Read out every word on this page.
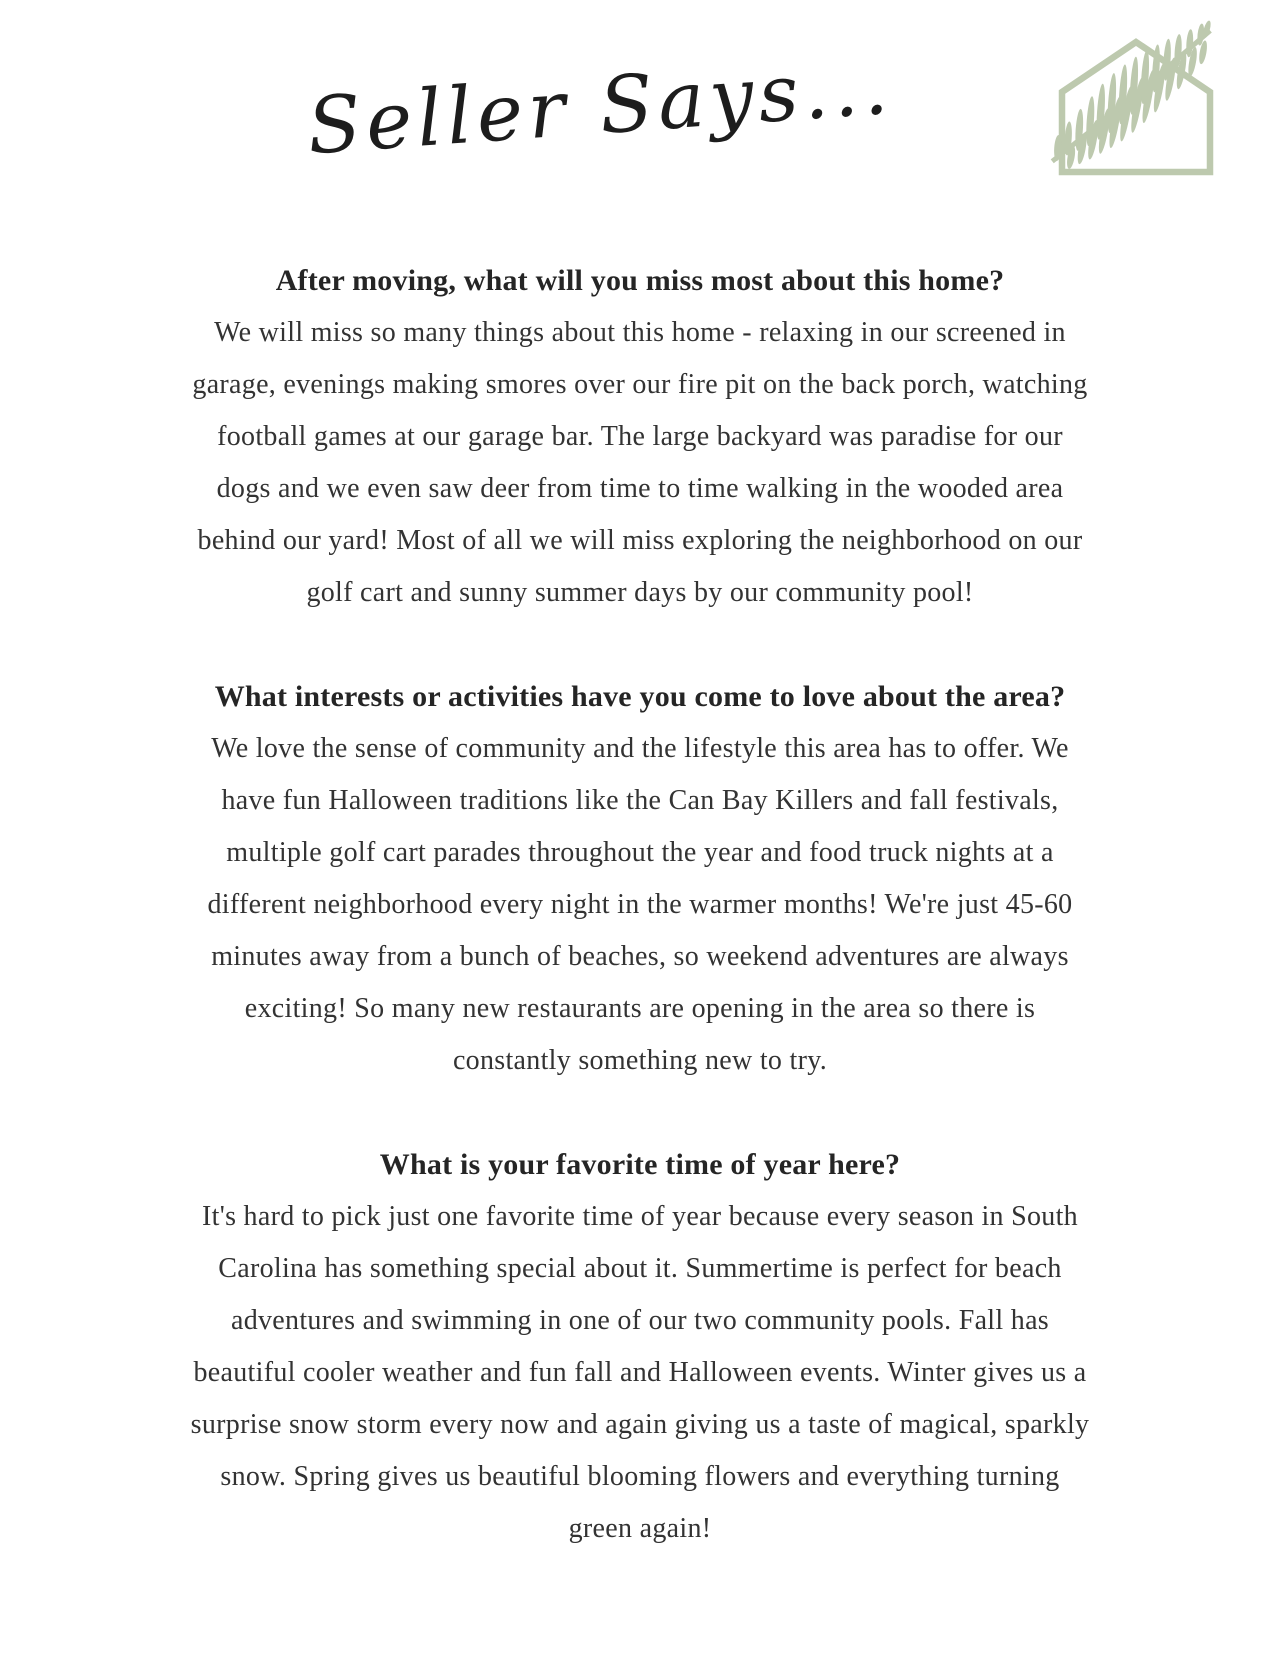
Seller Says...
After moving, what will you miss most about this home?
We will miss so many things about this home - relaxing in our screened in
garage, evenings making smores over our fire pit on the back porch, watching
football games at our garage bar. The large backyard was paradise for our
dogs and we even saw deer from time to time walking in the wooded area
behind our yard! Most of all we will miss exploring the neighborhood on our
golf cart and sunny summer days by our community pool!
What interests or activities have you come to love about the area?
We love the sense of community and the lifestyle this area has to offer. We
have fun Halloween traditions like the Can Bay Killers and fall festivals,
multiple golf cart parades throughout the year and food truck nights at a
different neighborhood every night in the warmer months! We're just 45-60
minutes away from a bunch of beaches, so weekend adventures are always
exciting! So many new restaurants are opening in the area so there is
constantly something new to try.
What is your favorite time of year here?
It's hard to pick just one favorite time of year because every season in South
Carolina has something special about it. Summertime is perfect for beach
adventures and swimming in one of our two community pools. Fall has
beautiful cooler weather and fun fall and Halloween events. Winter gives us a
surprise snow storm every now and again giving us a taste of magical, sparkly
snow. Spring gives us beautiful blooming flowers and everything turning
green again!
